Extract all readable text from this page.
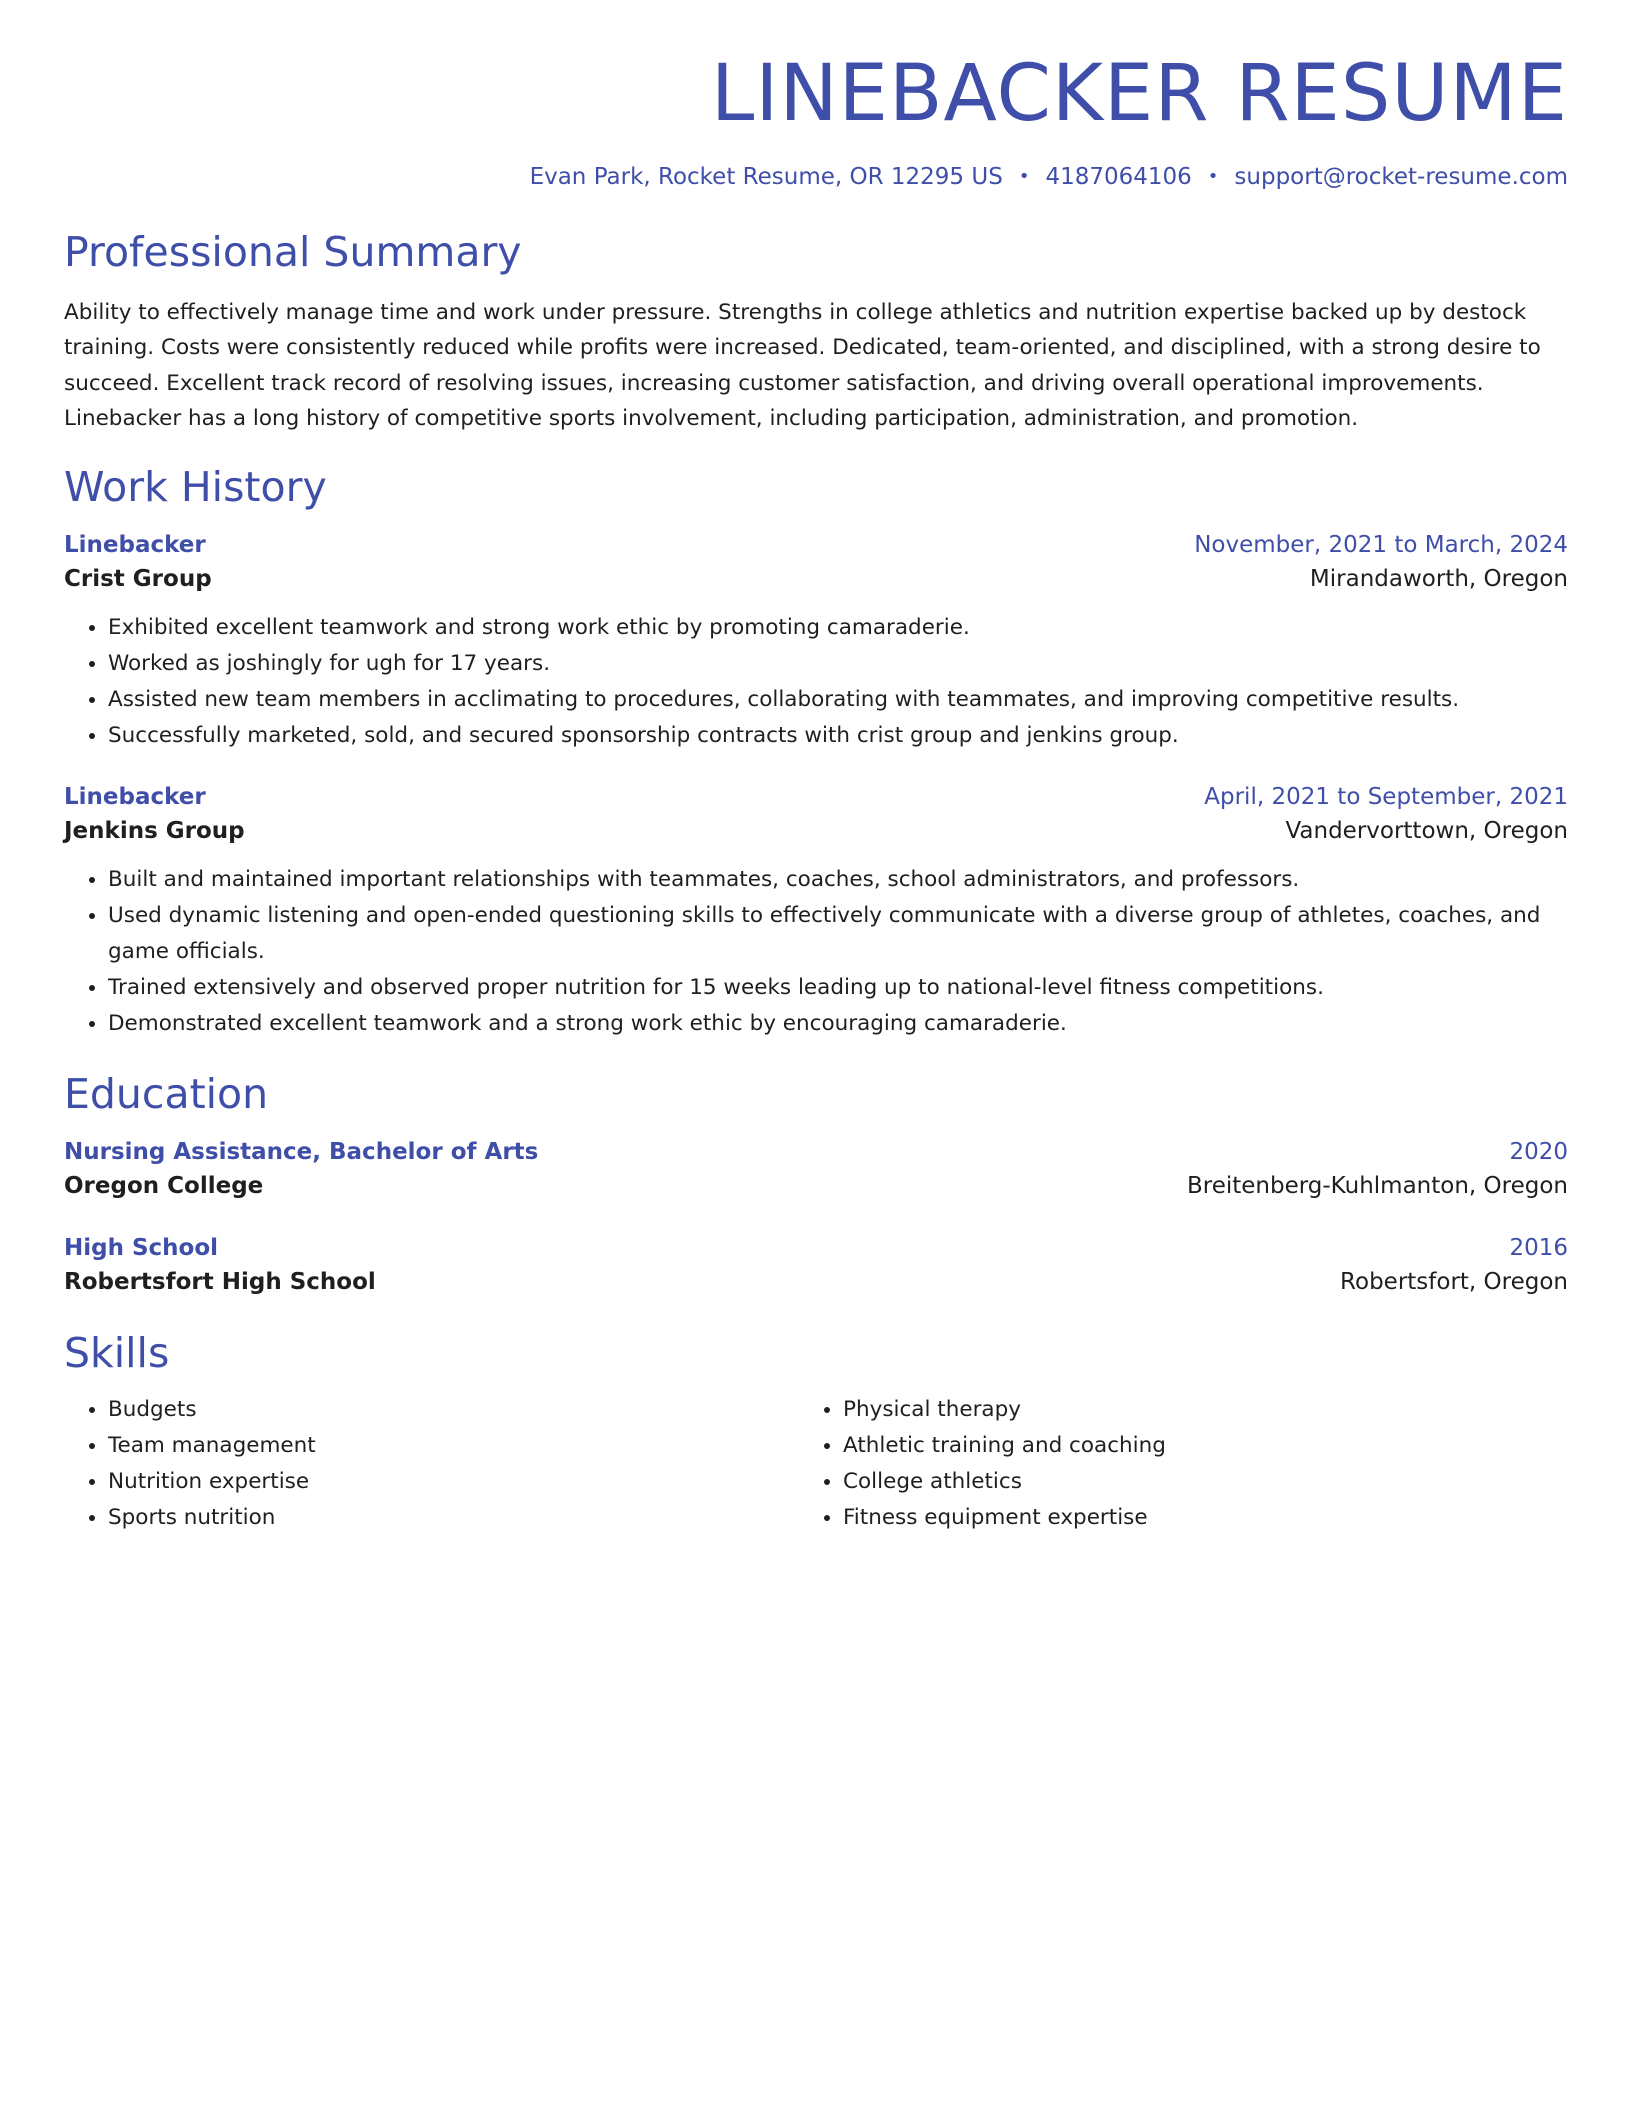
LINEBACKER RESUME
Evan Park, Rocket Resume, OR 12295 US • 4187064106 • support@rocket-resume.com
Professional Summary
Ability to effectively manage time and work under pressure. Strengths in college athletics and nutrition expertise backed up by destock training. Costs were consistently reduced while profits were increased. Dedicated, team-oriented, and disciplined, with a strong desire to succeed. Excellent track record of resolving issues, increasing customer satisfaction, and driving overall operational improvements. Linebacker has a long history of competitive sports involvement, including participation, administration, and promotion.
Work History
Linebacker	November, 2021 to March, 2024
Crist Group	Mirandaworth, Oregon
• Exhibited excellent teamwork and strong work ethic by promoting camaraderie.
• Worked as joshingly for ugh for 17 years.
• Assisted new team members in acclimating to procedures, collaborating with teammates, and improving competitive results.
• Successfully marketed, sold, and secured sponsorship contracts with crist group and jenkins group.
Linebacker	April, 2021 to September, 2021
Jenkins Group	Vandervorttown, Oregon
• Built and maintained important relationships with teammates, coaches, school administrators, and professors.
• Used dynamic listening and open-ended questioning skills to effectively communicate with a diverse group of athletes, coaches, and game officials.
• Trained extensively and observed proper nutrition for 15 weeks leading up to national-level fitness competitions.
• Demonstrated excellent teamwork and a strong work ethic by encouraging camaraderie.
Education
Nursing Assistance, Bachelor of Arts	2020
Oregon College	Breitenberg-Kuhlmanton, Oregon
High School	2016
Robertsfort High School	Robertsfort, Oregon
Skills
• Budgets
• Team management
• Nutrition expertise
• Sports nutrition
• Physical therapy
• Athletic training and coaching
• College athletics
• Fitness equipment expertise
